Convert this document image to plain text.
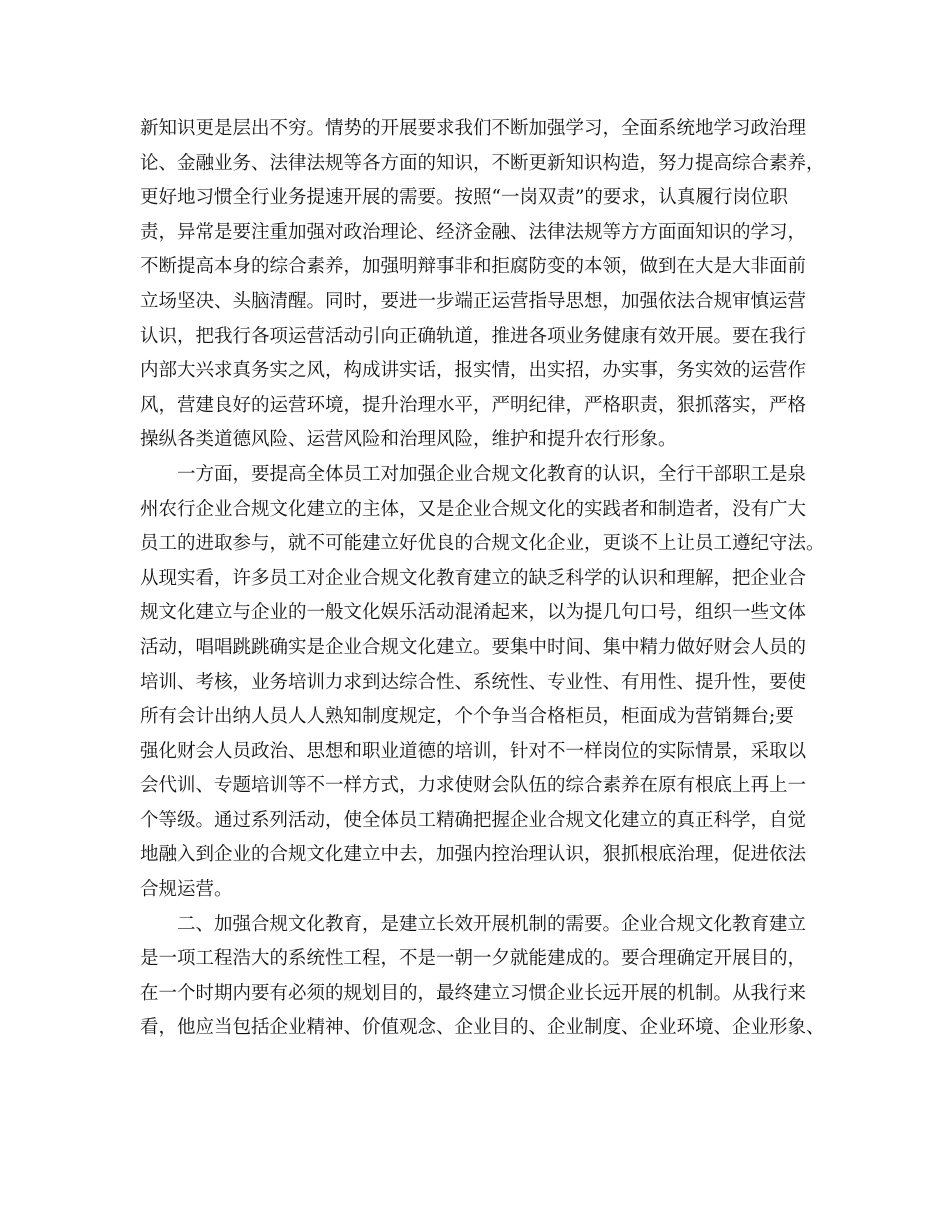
新知识更是层出不穷。情势的开展要求我们不断加强学习，全面系统地学习政治理
论、金融业务、法律法规等各方面的知识，不断更新知识构造，努力提高综合素养，
更好地习惯全行业务提速开展的需要。按照“一岗双责”的要求，认真履行岗位职
责，异常是要注重加强对政治理论、经济金融、法律法规等方方面面知识的学习，
不断提高本身的综合素养，加强明辩事非和拒腐防变的本领，做到在大是大非面前
立场坚决、头脑清醒。同时，要进一步端正运营指导思想，加强依法合规审慎运营
认识，把我行各项运营活动引向正确轨道，推进各项业务健康有效开展。要在我行
内部大兴求真务实之风，构成讲实话，报实情，出实招，办实事，务实效的运营作
风，营建良好的运营环境，提升治理水平，严明纪律，严格职责，狠抓落实，严格
操纵各类道德风险、运营风险和治理风险，维护和提升农行形象。
一方面，要提高全体员工对加强企业合规文化教育的认识，全行干部职工是泉
州农行企业合规文化建立的主体，又是企业合规文化的实践者和制造者，没有广大
员工的进取参与，就不可能建立好优良的合规文化企业，更谈不上让员工遵纪守法。
从现实看，许多员工对企业合规文化教育建立的缺乏科学的认识和理解，把企业合
规文化建立与企业的一般文化娱乐活动混淆起来，以为提几句口号，组织一些文体
活动，唱唱跳跳确实是企业合规文化建立。要集中时间、集中精力做好财会人员的
培训、考核，业务培训力求到达综合性、系统性、专业性、有用性、提升性，要使
所有会计出纳人员人人熟知制度规定，个个争当合格柜员，柜面成为营销舞台;要
强化财会人员政治、思想和职业道德的培训，针对不一样岗位的实际情景，采取以
会代训、专题培训等不一样方式，力求使财会队伍的综合素养在原有根底上再上一
个等级。通过系列活动，使全体员工精确把握企业合规文化建立的真正科学，自觉
地融入到企业的合规文化建立中去，加强内控治理认识，狠抓根底治理，促进依法
合规运营。
二、加强合规文化教育，是建立长效开展机制的需要。企业合规文化教育建立
是一项工程浩大的系统性工程，不是一朝一夕就能建成的。要合理确定开展目的，
在一个时期内要有必须的规划目的，最终建立习惯企业长远开展的机制。从我行来
看，他应当包括企业精神、价值观念、企业目的、企业制度、企业环境、企业形象、
